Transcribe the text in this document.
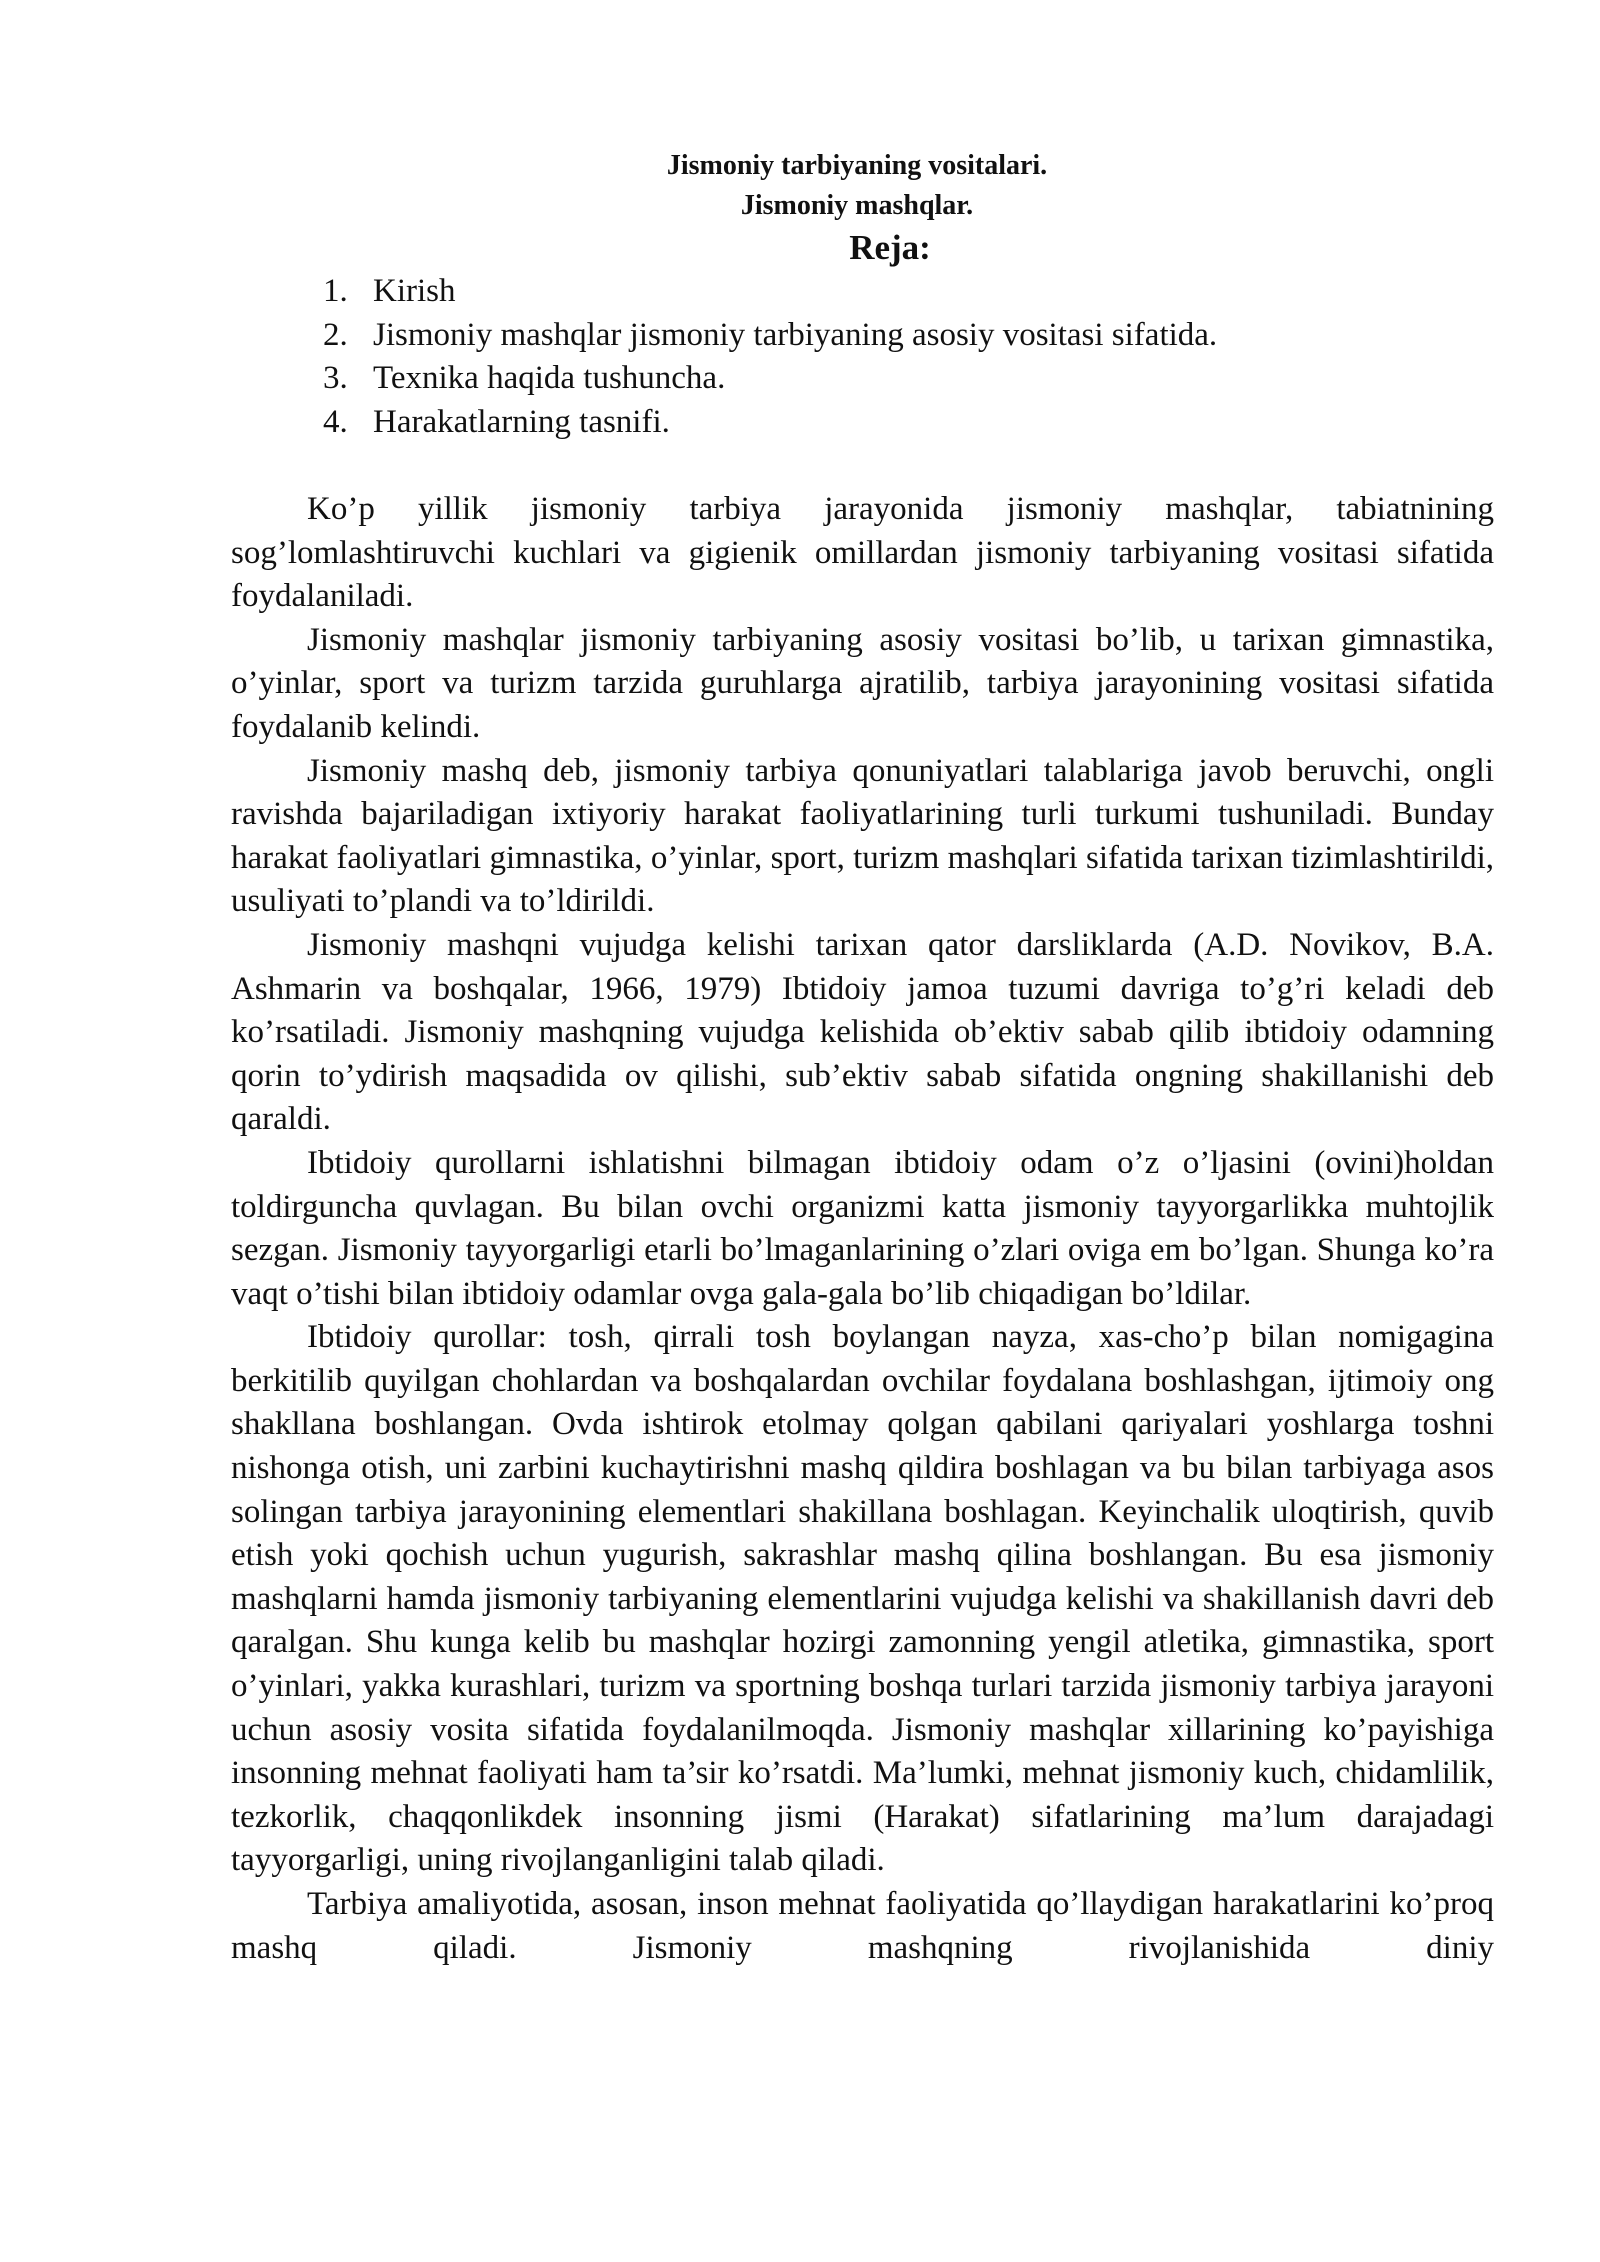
Jismoniy tarbiyaning vositalari.
Jismoniy mashqlar.
Reja:
1. Kirish
2. Jismoniy mashqlar jismoniy tarbiyaning asosiy vositasi sifatida.
3. Texnika haqida tushuncha.
4. Harakatlarning tasnifi.

Ko’p yillik jismoniy tarbiya jarayonida jismoniy mashqlar, tabiatnining sog’lomlashtiruvchi kuchlari va gigienik omillardan jismoniy tarbiyaning vositasi sifatida foydalaniladi.

Jismoniy mashqlar jismoniy tarbiyaning asosiy vositasi bo’lib, u tarixan gimnastika, o’yinlar, sport va turizm tarzida guruhlarga ajratilib, tarbiya jarayonining vositasi sifatida foydalanib kelindi.

Jismoniy mashq deb, jismoniy tarbiya qonuniyatlari talablariga javob beruvchi, ongli ravishda bajariladigan ixtiyoriy harakat faoliyatlarining turli turkumi tushuniladi. Bunday harakat faoliyatlari gimnastika, o’yinlar, sport, turizm mashqlari sifatida tarixan tizimlashtirildi, usuliyati to’plandi va to’ldirildi.

Jismoniy mashqni vujudga kelishi tarixan qator darsliklarda (A.D. Novikov, B.A. Ashmarin va boshqalar, 1966, 1979) Ibtidoiy jamoa tuzumi davriga to’g’ri keladi deb ko’rsatiladi. Jismoniy mashqning vujudga kelishida ob’ektiv sabab qilib ibtidoiy odamning qorin to’ydirish maqsadida ov qilishi, sub’ektiv sabab sifatida ongning shakillanishi deb qaraldi.

Ibtidoiy qurollarni ishlatishni bilmagan ibtidoiy odam o’z o’ljasini (ovini)holdan toldirguncha quvlagan. Bu bilan ovchi organizmi katta jismoniy tayyorgarlikka muhtojlik sezgan. Jismoniy tayyorgarligi etarli bo’lmaganlarining o’zlari oviga em bo’lgan. Shunga ko’ra vaqt o’tishi bilan ibtidoiy odamlar ovga gala-gala bo’lib chiqadigan bo’ldilar.

Ibtidoiy qurollar: tosh, qirrali tosh boylangan nayza, xas-cho’p bilan nomigagina berkitilib quyilgan chohlardan va boshqalardan ovchilar foydalana boshlashgan, ijtimoiy ong shakllana boshlangan. Ovda ishtirok etolmay qolgan qabilani qariyalari yoshlarga toshni nishonga otish, uni zarbini kuchaytirishni mashq qildira boshlagan va bu bilan tarbiyaga asos solingan tarbiya jarayonining elementlari shakillana boshlagan. Keyinchalik uloqtirish, quvib etish yoki qochish uchun yugurish, sakrashlar mashq qilina boshlangan. Bu esa jismoniy mashqlarni hamda jismoniy tarbiyaning elementlarini vujudga kelishi va shakillanish davri deb qaralgan. Shu kunga kelib bu mashqlar hozirgi zamonning yengil atletika, gimnastika, sport o’yinlari, yakka kurashlari, turizm va sportning boshqa turlari tarzida jismoniy tarbiya jarayoni uchun asosiy vosita sifatida foydalanilmoqda. Jismoniy mashqlar xillarining ko’payishiga insonning mehnat faoliyati ham ta’sir ko’rsatdi. Ma’lumki, mehnat jismoniy kuch, chidamlilik, tezkorlik, chaqqonlikdek insonning jismi (Harakat) sifatlarining ma’lum darajadagi tayyorgarligi, uning rivojlanganligini talab qiladi.

Tarbiya amaliyotida, asosan, inson mehnat faoliyatida qo’llaydigan harakatlarini ko’proq mashq qiladi. Jismoniy mashqning rivojlanishida diniy
